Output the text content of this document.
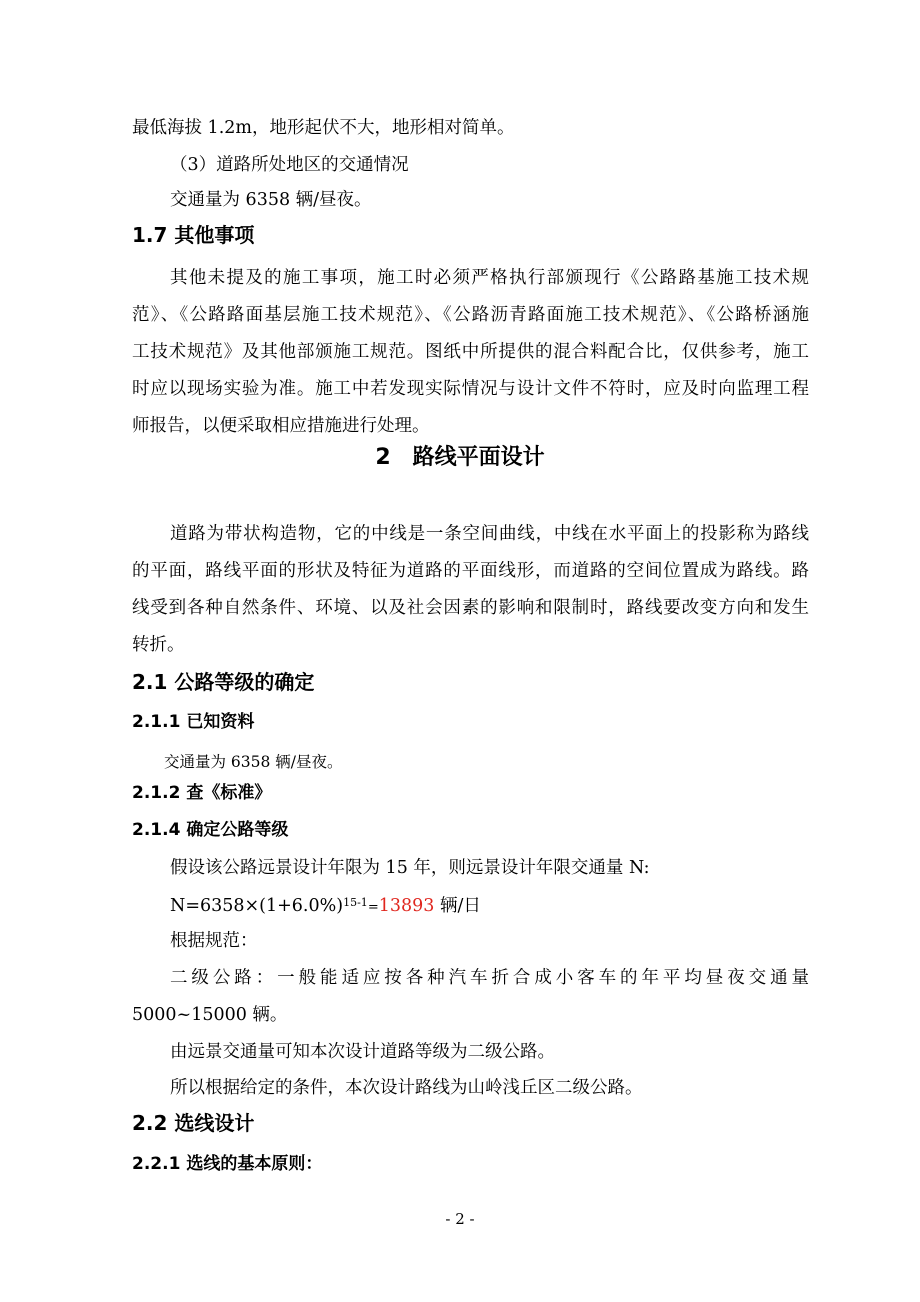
最低海拔 1.2m，地形起伏不大，地形相对简单。
（3）道路所处地区的交通情况
交通量为 6358 辆/昼夜。
1.7 其他事项
其他未提及的施工事项，施工时必须严格执行部颁现行《公路路基施工技术规
范》、《公路路面基层施工技术规范》、《公路沥青路面施工技术规范》、《公路桥涵施
工技术规范》及其他部颁施工规范。图纸中所提供的混合料配合比，仅供参考，施工
时应以现场实验为准。施工中若发现实际情况与设计文件不符时，应及时向监理工程
师报告，以便采取相应措施进行处理。
2　路线平面设计
道路为带状构造物，它的中线是一条空间曲线，中线在水平面上的投影称为路线
的平面，路线平面的形状及特征为道路的平面线形，而道路的空间位置成为路线。路
线受到各种自然条件、环境、以及社会因素的影响和限制时，路线要改变方向和发生
转折。
2.1 公路等级的确定
2.1.1 已知资料
交通量为 6358 辆/昼夜。
2.1.2 查《标准》
2.1.4 确定公路等级
假设该公路远景设计年限为 15 年，则远景设计年限交通量 N:
$N=6358\times(1+6.0\%)^{15-1}=13893$ 辆/日
根据规范：
二级公路：一般能适应按各种汽车折合成小客车的年平均昼夜交通量
5000~15000 辆。
由远景交通量可知本次设计道路等级为二级公路。
所以根据给定的条件，本次设计路线为山岭浅丘区二级公路。
2.2 选线设计
2.2.1 选线的基本原则：
- 2 -
